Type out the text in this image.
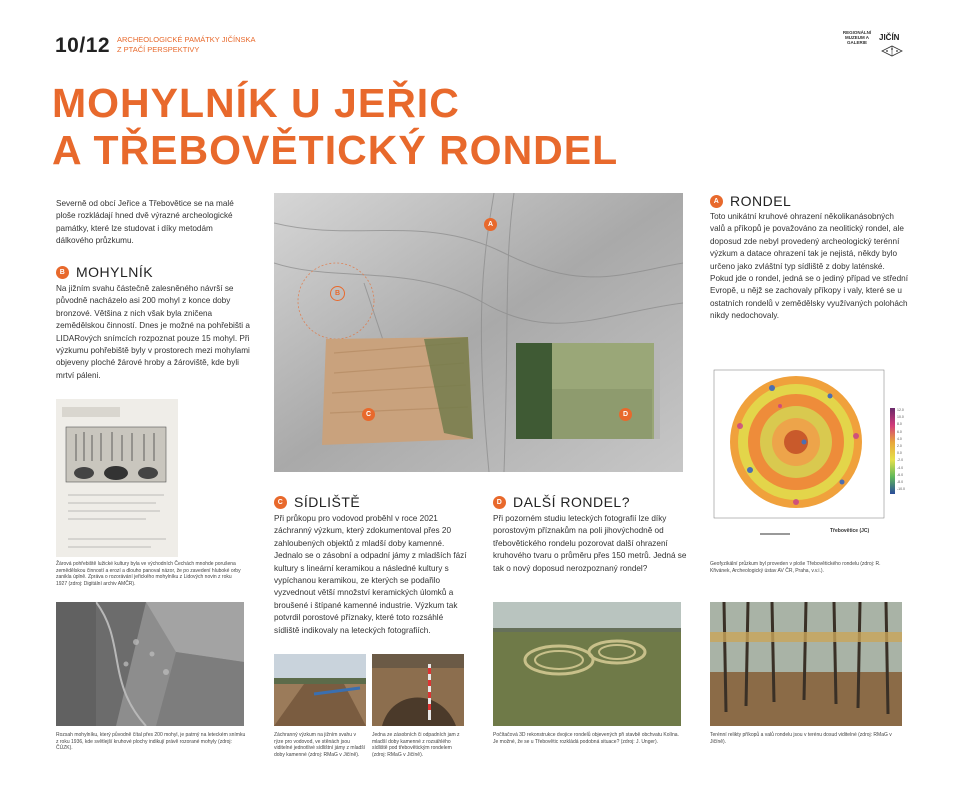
10/12 ARCHEOLOGICKÉ PAMÁTKY JIČÍNSKA
Z PTAČÍ PERSPEKTIVY
REGIONÁLNÍ MUZEUM A GALERIE
JIČÍN
MOHYLNÍK U JEŘIC
A TŘEBOVĚTICKÝ RONDEL
Severně od obcí Jeřice a Třebovětice se na malé ploše rozkládají hned dvě výrazné archeologické památky, které lze studovat i díky metodám dálkového průzkumu.
B MOHYLNÍK
Na jižním svahu částečně zalesněného návrší se původně nacházelo asi 200 mohyl z konce doby bronzové. Většina z nich však byla zničena zemědělskou činností. Dnes je možné na pohřebišti a LIDARových snímcích rozpoznat pouze 15 mohyl. Při výzkumu pohřebiště byly v prostorech mezi mohylami objeveny ploché žárové hroby a žároviště, kde byli mrtví páleni.
Žárová pohřebiště lužické kultury byla ve východních Čechách mnohde porušena zemědělskou činností a erozí a dlouho panoval názor, že po zavedení hluboké orby zanikla úplně. Zpráva o rozorávání jeřického mohylníku z Lidových novin z roku 1927 (zdroj: Digitální archiv AMČR).
A
B
C	D
A RONDEL
Toto unikátní kruhové ohrazení několikanásobných valů a příkopů je považováno za neolitický rondel, ale doposud zde nebyl provedený archeologický terénní výzkum a datace ohrazení tak je nejistá, někdy bylo určeno jako zvláštní typ sídliště z doby laténské. Pokud jde o rondel, jedná se o jediný případ ve střední Evropě, u nějž se zachovaly příkopy i valy, které se u ostatních rondelů v zemědělsky využívaných polohách nikdy nedochovaly.
Třebovětice (JC)
12.0
10.0
8.0
6.0
4.0
2.0
0.0
-2.0
-4.0
-6.0
-8.0
-10.0
Geofyzikální průzkum byl proveden v ploše Třebovětického rondelu (zdroj: R. Křivánek, Archeologický ústav AV ČR, Praha, v.v.i.).
C SÍDLIŠTĚ
Při průkopu pro vodovod proběhl v roce 2021 záchranný výzkum, který zdokumentoval přes 20 zahloubených objektů z mladší doby kamenné. Jednalo se o zásobní a odpadní jámy z mladších fází kultury s lineární keramikou a následné kultury s vypíchanou keramikou, ze kterých se podařilo vyzvednout větší množství keramických úlomků a broušené i štípané kamenné industrie. Výzkum tak potvrdil porostové příznaky, které toto rozsáhlé sídliště indikovaly na leteckých fotografiích.
D DALŠÍ RONDEL?
Při pozorném studiu leteckých fotografií lze díky porostovým příznakům na poli jihovýchodně od třebovětického rondelu pozorovat další ohrazení kruhového tvaru o průměru přes 150 metrů. Jedná se tak o nový doposud nerozpoznaný rondel?
Rozsah mohylníku, který původně čítal přes 200 mohyl, je patrný na leteckém snímku z roku 1936, kde světlejší kruhové plochy indikují právě rozorané mohyly (zdroj: ČÚZK).
Záchranný výzkum na jižním svahu v rýze pro vodovod, ve stěnách jsou viditelné jednotlivé sídlištní jámy z mladší doby kamenné (zdroj: RMaG v Jičíně).
Jedna ze zásobních či odpadních jam z mladší doby kamenné z rozsáhlého sídliště pod třebovětickým rondelem (zdroj: RMaG v Jičíně).
Počítačová 3D rekonstrukce dvojice rondelů objevených při stavbě obchvatu Kolína. Je možné, že se u Třebovětic rozkládá podobná situace? (zdroj: J. Unger).
Terénní relikty příkopů a valů rondelu jsou v terénu dosud viditelné (zdroj: RMaG v Jičíně).
